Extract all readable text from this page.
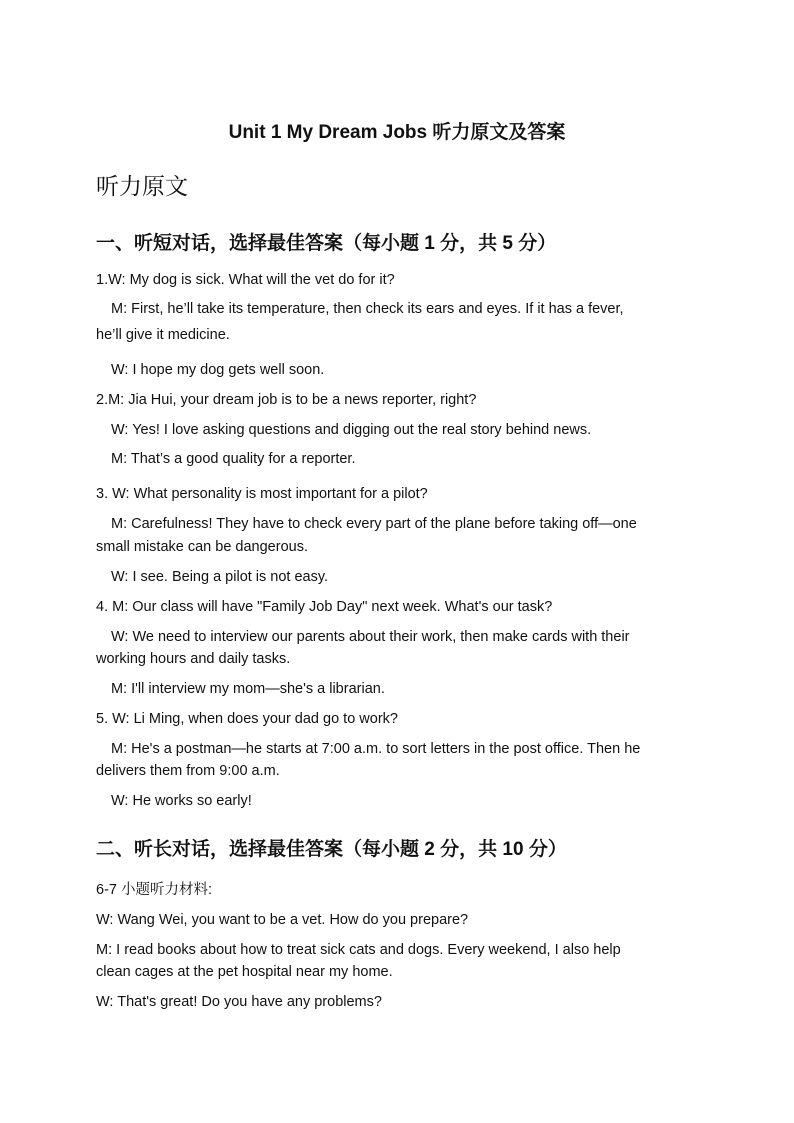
Unit 1 My Dream Jobs 听力原文及答案
听力原文
一、听短对话，选择最佳答案（每小题 1 分，共 5 分）
1.W: My dog is sick. What will the vet do for it?
M: First, he’ll take its temperature, then check its ears and eyes. If it has a fever,
he’ll give it medicine.
W: I hope my dog gets well soon.
2.M: Jia Hui, your dream job is to be a news reporter, right?
W: Yes! I love asking questions and digging out the real story behind news.
M: That’s a good quality for a reporter.
3. W: What personality is most important for a pilot?
M: Carefulness! They have to check every part of the plane before taking off—one
small mistake can be dangerous.
W: I see. Being a pilot is not easy.
4. M: Our class will have "Family Job Day" next week. What's our task?
W: We need to interview our parents about their work, then make cards with their
working hours and daily tasks.
M: I'll interview my mom—she's a librarian.
5. W: Li Ming, when does your dad go to work?
M: He's a postman—he starts at 7:00 a.m. to sort letters in the post office. Then he
delivers them from 9:00 a.m.
W: He works so early!
二、听长对话，选择最佳答案（每小题 2 分，共 10 分）
6-7 小题听力材料:
W: Wang Wei, you want to be a vet. How do you prepare?
M: I read books about how to treat sick cats and dogs. Every weekend, I also help
clean cages at the pet hospital near my home.
W: That's great! Do you have any problems?
